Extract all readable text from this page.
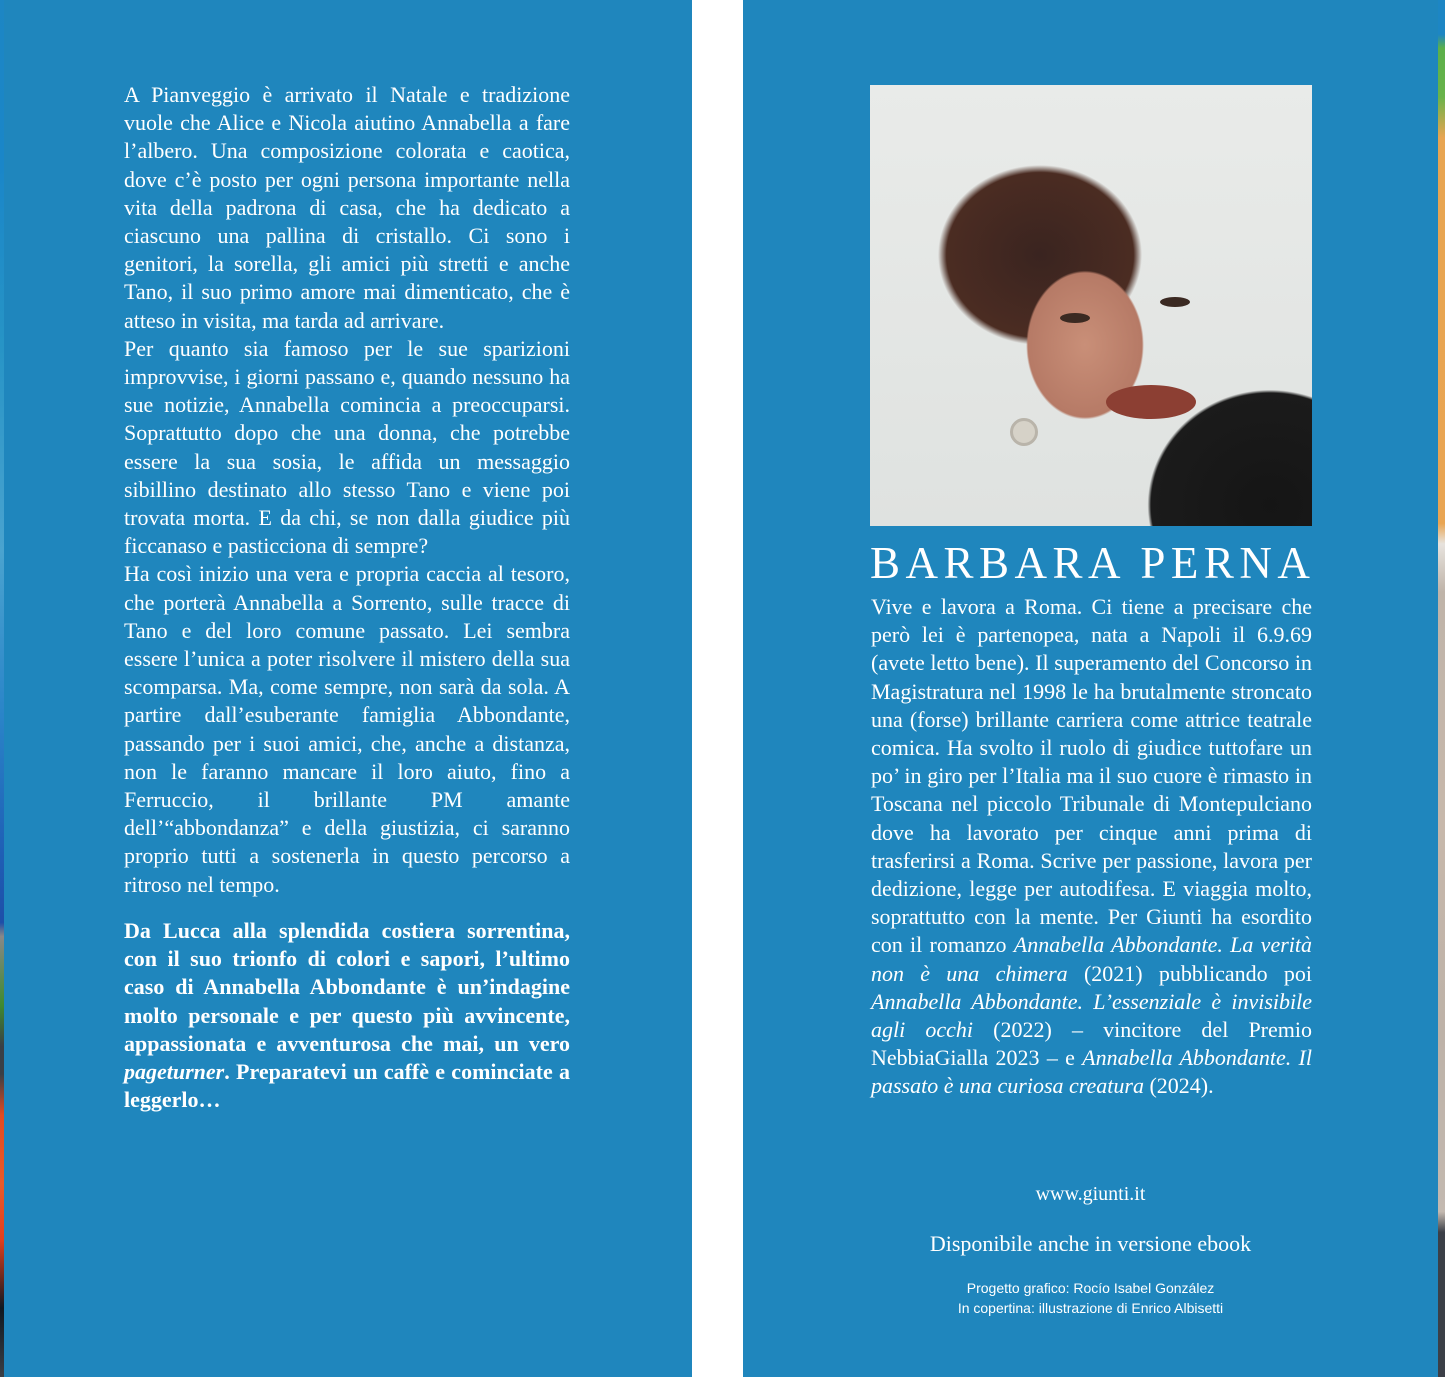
A Pianveggio è arrivato il Natale e tradizione vuole che Alice e Nicola aiutino Annabella a fare l’albero. Una composizione colorata e caotica, dove c’è posto per ogni persona importante nella vita della padrona di casa, che ha dedicato a ciascuno una pallina di cristallo. Ci sono i genitori, la sorella, gli amici più stretti e anche Tano, il suo primo amore mai dimenticato, che è atteso in visita, ma tarda ad arrivare.

Per quanto sia famoso per le sue sparizioni improvvise, i giorni passano e, quando nessuno ha sue notizie, Annabella comincia a preoccuparsi. Soprattutto dopo che una donna, che potrebbe essere la sua sosia, le affida un messaggio sibillino destinato allo stesso Tano e viene poi trovata morta. E da chi, se non dalla giudice più ficcanaso e pasticciona di sempre?

Ha così inizio una vera e propria caccia al tesoro, che porterà Annabella a Sorrento, sulle tracce di Tano e del loro comune passato. Lei sembra essere l’unica a poter risolvere il mistero della sua scomparsa. Ma, come sempre, non sarà da sola. A partire dall’esuberante famiglia Abbondante, passando per i suoi amici, che, anche a distanza, non le faranno mancare il loro aiuto, fino a Ferruccio, il brillante PM amante dell’“abbondanza” e della giustizia, ci saranno proprio tutti a sostenerla in questo percorso a ritroso nel tempo.

Da Lucca alla splendida costiera sorrentina, con il suo trionfo di colori e sapori, l’ultimo caso di Annabella Abbondante è un’indagine molto personale e per questo più avvincente, appassionata e avventurosa che mai, un vero pageturner. Preparatevi un caffè e cominciate a leggerlo…

BARBARA PERNA

Vive e lavora a Roma. Ci tiene a precisare che però lei è partenopea, nata a Napoli il 6.9.69 (avete letto bene). Il superamento del Concorso in Magistratura nel 1998 le ha brutalmente stroncato una (forse) brillante carriera come attrice teatrale comica. Ha svolto il ruolo di giudice tuttofare un po’ in giro per l’Italia ma il suo cuore è rimasto in Toscana nel piccolo Tribunale di Montepulciano dove ha lavorato per cinque anni prima di trasferirsi a Roma. Scrive per passione, lavora per dedizione, legge per autodifesa. E viaggia molto, soprattutto con la mente. Per Giunti ha esordito con il romanzo Annabella Abbondante. La verità non è una chimera (2021) pubblicando poi Annabella Abbondante. L’essenziale è invisibile agli occhi (2022) – vincitore del Premio NebbiaGialla 2023 – e Annabella Abbondante. Il passato è una curiosa creatura (2024).

www.giunti.it
Disponibile anche in versione ebook
Progetto grafico: Rocío Isabel González
In copertina: illustrazione di Enrico Albisetti
